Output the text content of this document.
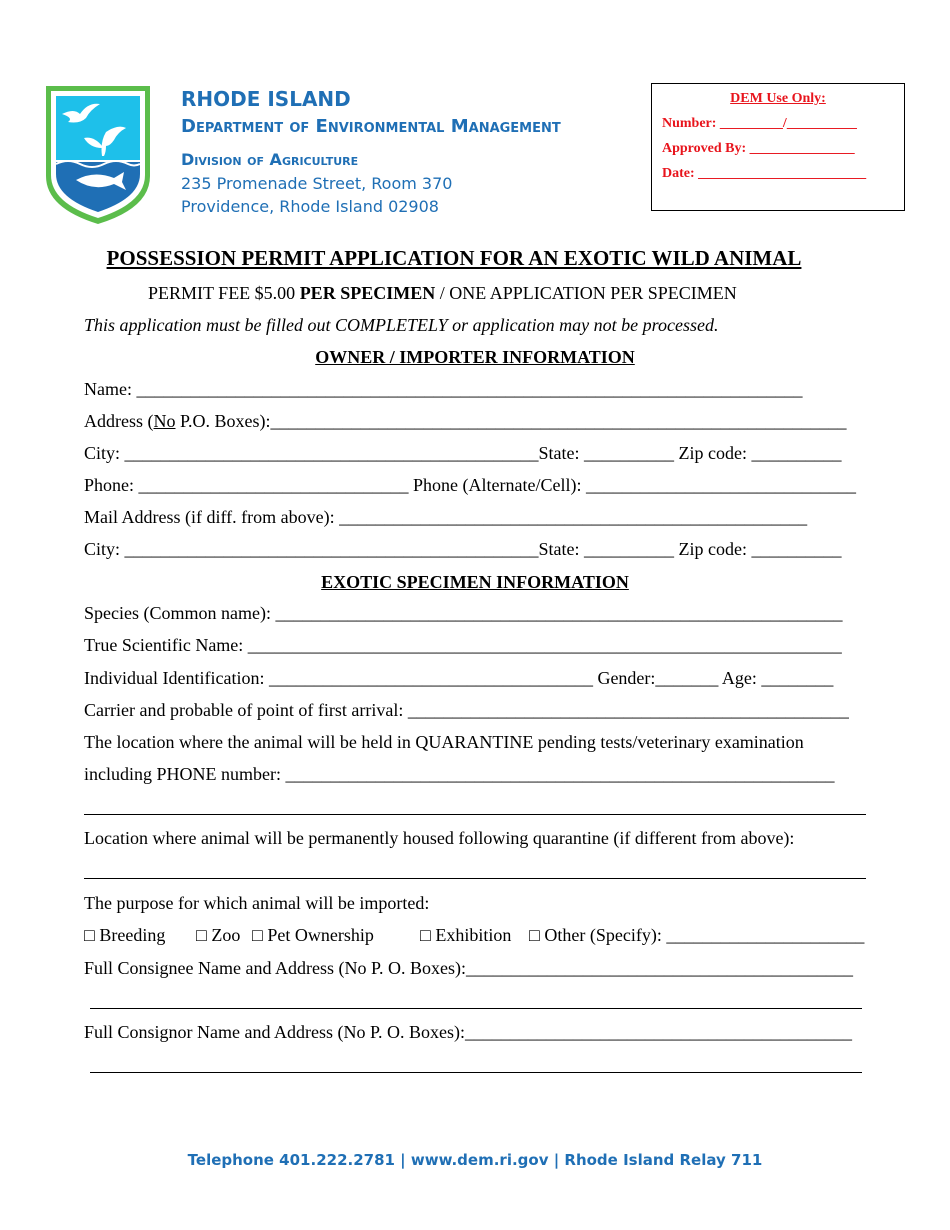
RHODE ISLAND
Department of Environmental Management
Division of Agriculture
235 Promenade Street, Room 370
Providence, Rhode Island 02908
DEM Use Only:
Number: _________/__________
Approved By: _______________
Date: ________________________
POSSESSION PERMIT APPLICATION FOR AN EXOTIC WILD ANIMAL
PERMIT FEE $5.00 PER SPECIMEN / ONE APPLICATION PER SPECIMEN
This application must be filled out COMPLETELY or application may not be processed.
OWNER / IMPORTER INFORMATION
Name: __________________________________________________________________________
Address (No P.O. Boxes):________________________________________________________________
City: ______________________________________________State: __________ Zip code: __________
Phone: ______________________________ Phone (Alternate/Cell): ______________________________
Mail Address (if diff. from above): ____________________________________________________
City: ______________________________________________State: __________ Zip code: __________
EXOTIC SPECIMEN INFORMATION
Species (Common name): _______________________________________________________________
True Scientific Name: __________________________________________________________________
Individual Identification: ____________________________________ Gender:_______ Age: ________
Carrier and probable of point of first arrival: _________________________________________________
The location where the animal will be held in QUARANTINE pending tests/veterinary examination
including PHONE number: _____________________________________________________________
Location where animal will be permanently housed following quarantine (if different from above):
The purpose for which animal will be imported:
□ Breeding □ Zoo □ Pet Ownership	□ Exhibition □ Other (Specify): ______________________
Full Consignee Name and Address (No P. O. Boxes):___________________________________________
Full Consignor Name and Address (No P. O. Boxes):___________________________________________
Telephone 401.222.2781 | www.dem.ri.gov | Rhode Island Relay 711
